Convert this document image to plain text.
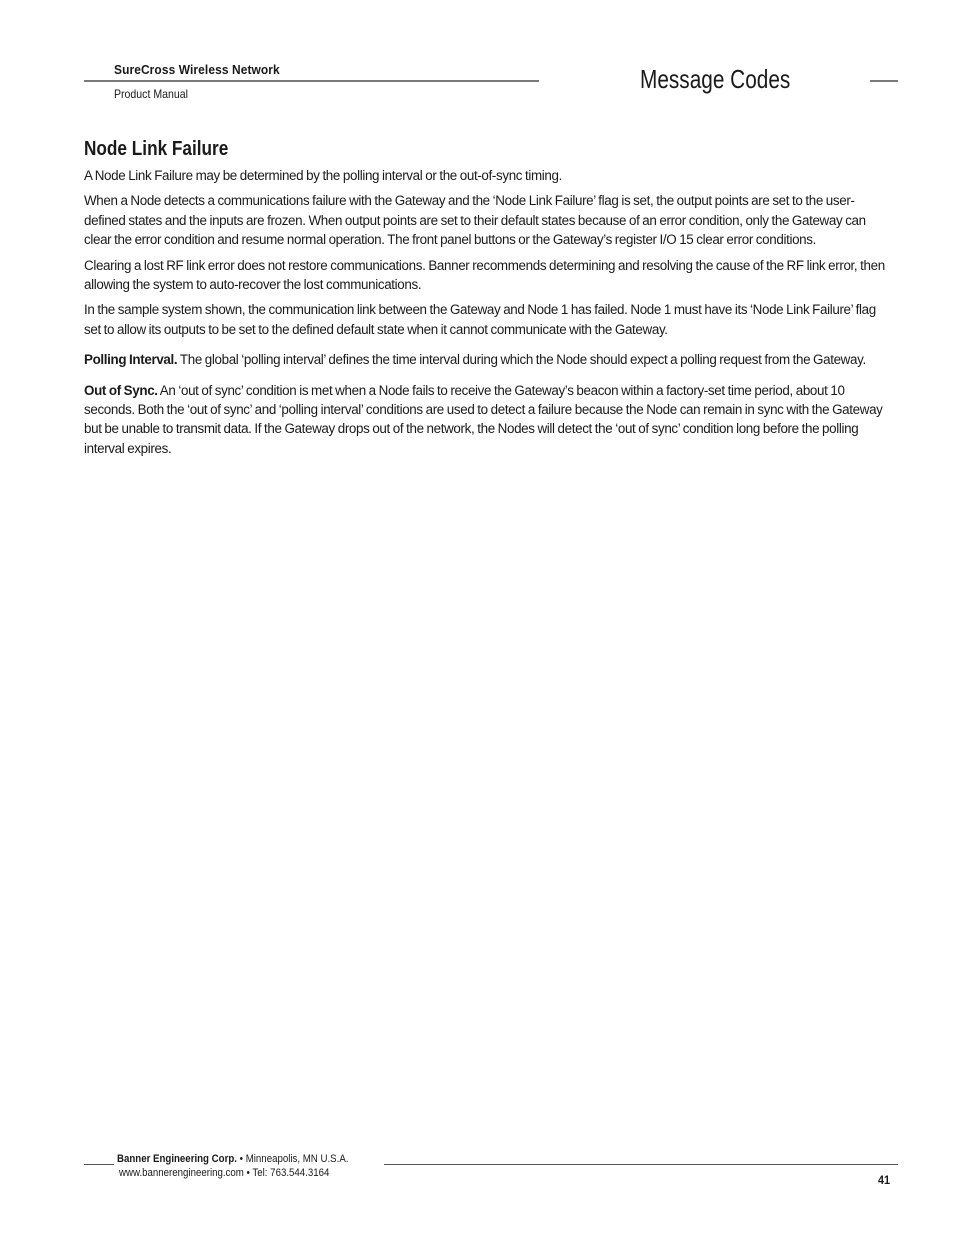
SureCross Wireless Network
Product Manual	Message Codes
Node Link Failure

A Node Link Failure may be determined by the polling interval or the out-of-sync timing.

When a Node detects a communications failure with the Gateway and the ‘Node Link Failure’ flag is set, the output points are set to the user-defined states and the inputs are frozen. When output points are set to their default states because of an error condition, only the Gateway can clear the error condition and resume normal operation. The front panel buttons or the Gateway’s register I/O 15 clear error conditions.

Clearing a lost RF link error does not restore communications. Banner recommends determining and resolving the cause of the RF link error, then allowing the system to auto-recover the lost communications.

In the sample system shown, the communication link between the Gateway and Node 1 has failed. Node 1 must have its ‘Node Link Failure’ flag set to allow its outputs to be set to the defined default state when it cannot communicate with the Gateway.

Polling Interval. The global ‘polling interval’ defines the time interval during which the Node should expect a polling request from the Gateway.

Out of Sync. An ‘out of sync’ condition is met when a Node fails to receive the Gateway’s beacon within a factory-set time period, about 10 seconds. Both the ‘out of sync’ and ‘polling interval’ conditions are used to detect a failure because the Node can remain in sync with the Gateway but be unable to transmit data. If the Gateway drops out of the network, the Nodes will detect the ‘out of sync’ condition long before the polling interval expires.

Banner Engineering Corp. • Minneapolis, MN U.S.A.
www.bannerengineering.com • Tel: 763.544.3164	41
